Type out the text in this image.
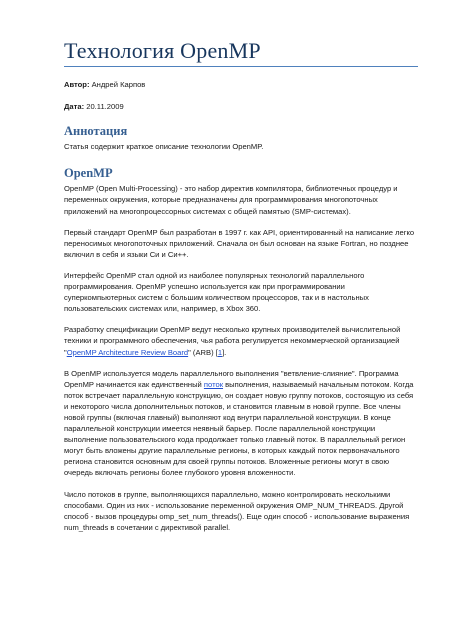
Технология OpenMP
Автор: Андрей Карпов
Дата: 20.11.2009
Аннотация

Статья содержит краткое описание технологии OpenMP.

OpenMP

OpenMP (Open Multi-Processing) - это набор директив компилятора, библиотечных процедур и переменных окружения, которые предназначены для программирования многопоточных приложений на многопроцессорных системах с общей памятью (SMP-системах).

Первый стандарт OpenMP был разработан в 1997 г. как API, ориентированный на написание легко переносимых многопоточных приложений. Сначала он был основан на языке Fortran, но позднее включил в себя и языки Си и Си++.

Интерфейс OpenMP стал одной из наиболее популярных технологий параллельного программирования. OpenMP успешно используется как при программировании суперкомпьютерных систем с большим количеством процессоров, так и в настольных пользовательских системах или, например, в Xbox 360.

Разработку спецификации OpenMP ведут несколько крупных производителей вычислительной техники и программного обеспечения, чья работа регулируется некоммерческой организацией "OpenMP Architecture Review Board" (ARB) [1].

В OpenMP используется модель параллельного выполнения "ветвление-слияние". Программа OpenMP начинается как единственный поток выполнения, называемый начальным потоком. Когда поток встречает параллельную конструкцию, он создает новую группу потоков, состоящую из себя и некоторого числа дополнительных потоков, и становится главным в новой группе. Все члены новой группы (включая главный) выполняют код внутри параллельной конструкции. В конце параллельной конструкции имеется неявный барьер. После параллельной конструкции выполнение пользовательского кода продолжает только главный поток. В параллельный регион могут быть вложены другие параллельные регионы, в которых каждый поток первоначального региона становится основным для своей группы потоков. Вложенные регионы могут в свою очередь включать регионы более глубокого уровня вложенности.

Число потоков в группе, выполняющихся параллельно, можно контролировать несколькими способами. Один из них - использование переменной окружения OMP_NUM_THREADS. Другой способ - вызов процедуры omp_set_num_threads(). Еще один способ - использование выражения num_threads в сочетании с директивой parallel.
